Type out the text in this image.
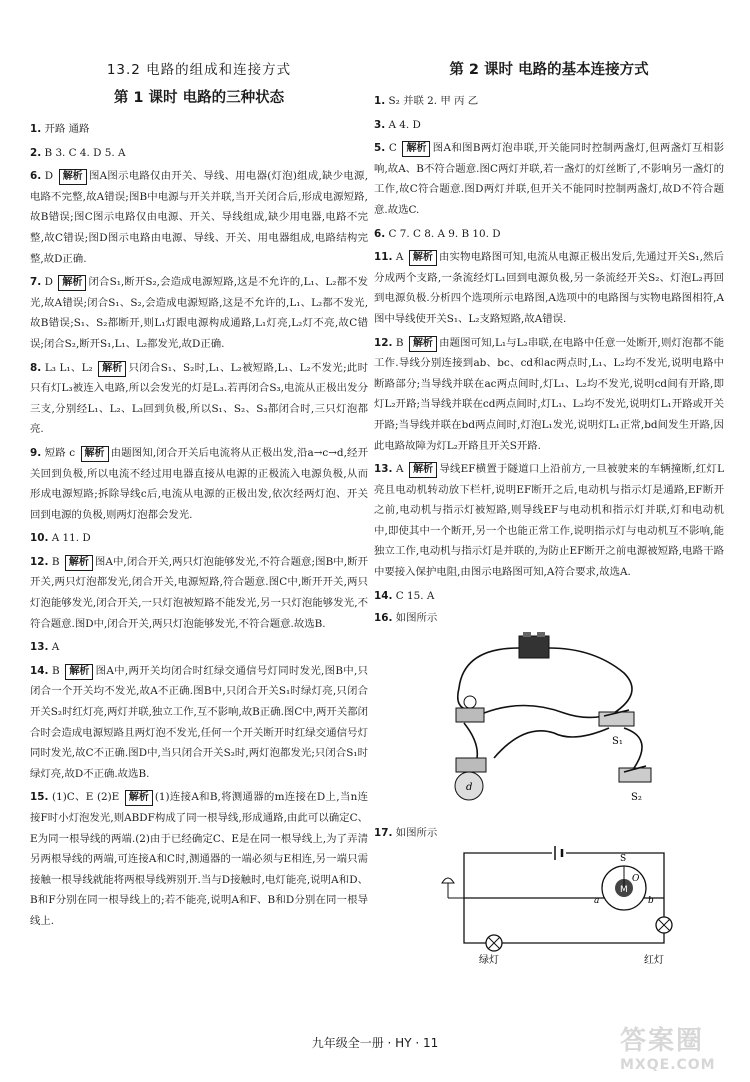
13.2 电路的组成和连接方式
第 1 课时 电路的三种状态
1. 开路 通路
2. B 3. C 4. D 5. A
6. D 解析 图A图示电路仅由开关、导线、用电器(灯泡)组成,缺少电源,电路不完整,故A错误;图B中电源与开关并联,当开关闭合后,形成电源短路,故B错误;图C图示电路仅由电源、开关、导线组成,缺少用电器,电路不完整,故C错误;图D图示电路由电源、导线、开关、用电器组成,电路结构完整,故D正确.
7. D 解析 闭合S₁,断开S₂,会造成电源短路,这是不允许的,L₁、L₂都不发光,故A错误;闭合S₁、S₂,会造成电源短路,这是不允许的,L₁、L₂都不发光,故B错误;S₁、S₂都断开,则L₁灯跟电源构成通路,L₁灯亮,L₂灯不亮,故C错误;闭合S₂,断开S₁,L₁、L₂都发光,故D正确.
8. L₃ L₁、L₂ 解析 只闭合S₁、S₂时,L₁、L₂被短路,L₁、L₂不发光;此时只有灯L₃被连入电路,所以会发光的灯是L₃.若再闭合S₃,电流从正极出发分三支,分别经L₁、L₂、L₃回到负极,所以S₁、S₂、S₃都闭合时,三只灯泡都亮.
9. 短路 c 解析 由题图知,闭合开关后电流将从正极出发,沿a→c→d,经开关回到负极,所以电流不经过用电器直接从电源的正极流入电源负极,从而形成电源短路;拆除导线c后,电流从电源的正极出发,依次经两灯泡、开关回到电源的负极,则两灯泡都会发光.
10. A 11. D
12. B 解析 图A中,闭合开关,两只灯泡能够发光,不符合题意;图B中,断开开关,两只灯泡都发光,闭合开关,电源短路,符合题意.图C中,断开开关,两只灯泡能够发光,闭合开关,一只灯泡被短路不能发光,另一只灯泡能够发光,不符合题意.图D中,闭合开关,两只灯泡能够发光,不符合题意.故选B.
13. A
14. B 解析 图A中,两开关均闭合时红绿交通信号灯同时发光,图B中,只闭合一个开关均不发光,故A不正确.图B中,只闭合开关S₁时绿灯亮,只闭合开关S₂时红灯亮,两灯并联,独立工作,互不影响,故B正确.图C中,两开关都闭合时会造成电源短路且两灯泡不发光,任何一个开关断开时红绿交通信号灯同时发光,故C不正确.图D中,当只闭合开关S₂时,两灯泡都发光;只闭合S₁时绿灯亮,故D不正确.故选B.
15. (1)C、E (2)E 解析 (1)连接A和B,将测通器的m连接在D上,当n连接F时小灯泡发光,则ABDF构成了同一根导线,形成通路,由此可以确定C、E为同一根导线的两端.(2)由于已经确定C、E是在同一根导线上,为了弄清另两根导线的两端,可连接A和C时,测通器的一端必须与E相连,另一端只需接触一根导线就能将两根导线辨别开.当与D接触时,电灯能亮,说明A和D、B和F分别在同一根导线上的;若不能亮,说明A和F、B和D分别在同一根导线上.
第 2 课时 电路的基本连接方式
1. S₂ 并联 2. 甲 丙 乙
3. A 4. D
5. C 解析 图A和图B两灯泡串联,开关能同时控制两盏灯,但两盏灯互相影响,故A、B不符合题意.图C两灯并联,若一盏灯的灯丝断了,不影响另一盏灯的工作,故C符合题意.图D两灯并联,但开关不能同时控制两盏灯,故D不符合题意.故选C.
6. C 7. C 8. A 9. B 10. D
11. A 解析 由实物电路图可知,电流从电源正极出发后,先通过开关S₁,然后分成两个支路,一条流经灯L₁回到电源负极,另一条流经开关S₂、灯泡L₂再回到电源负极.分析四个选项所示电路图,A选项中的电路图与实物电路图相符,A图中导线使开关S₁、L₂支路短路,故A错误.
12. B 解析 由题图可知,L₁与L₂串联,在电路中任意一处断开,则灯泡都不能工作.导线分别连接到ab、bc、cd和ac两点时,L₁、L₂均不发光,说明电路中断路部分;当导线并联在ac两点间时,灯L₁、L₂均不发光,说明cd间有开路,即灯L₂开路;当导线并联在cd两点间时,灯L₁、L₂均不发光,说明灯L₁开路或开关开路;当导线并联在bd两点间时,灯泡L₁发光,说明灯L₁正常,bd间发生开路,因此电路故障为灯L₂开路且开关S开路.
13. A 解析 导线EF横置于隧道口上沿前方,一旦被驶来的车辆撞断,红灯L亮且电动机转动放下栏杆,说明EF断开之后,电动机与指示灯是通路,EF断开之前,电动机与指示灯被短路,则导线EF与电动机和指示灯并联,灯和电动机中,即使其中一个断开,另一个也能正常工作,说明指示灯与电动机互不影响,能独立工作,电动机与指示灯是并联的,为防止EF断开之前电源被短路,电路干路中要接入保护电阻,由图示电路图可知,A符合要求,故选A.
14. C 15. A
16. 如图所示
S₁
d
S₂
17. 如图所示
M
S
O
a	b
绿灯	红灯
九年级全一册 · HY · 11	答案圈
MXQE.COM
